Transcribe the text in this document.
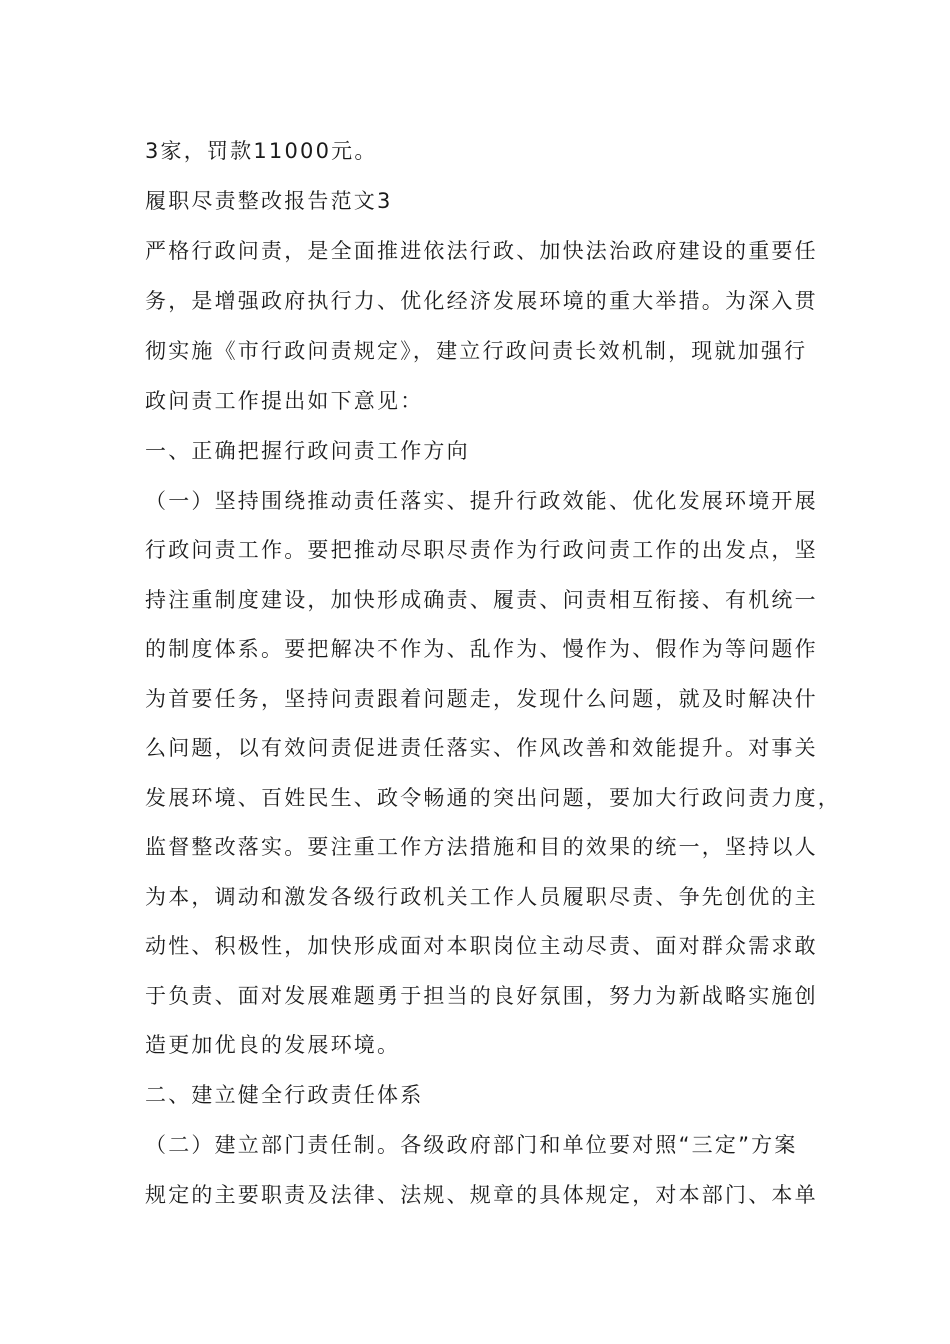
3家，罚款11000元。
履职尽责整改报告范文3
严格行政问责，是全面推进依法行政、加快法治政府建设的重要任
务，是增强政府执行力、优化经济发展环境的重大举措。为深入贯
彻实施《市行政问责规定》，建立行政问责长效机制，现就加强行
政问责工作提出如下意见：
一、正确把握行政问责工作方向
（一）坚持围绕推动责任落实、提升行政效能、优化发展环境开展
行政问责工作。要把推动尽职尽责作为行政问责工作的出发点，坚
持注重制度建设，加快形成确责、履责、问责相互衔接、有机统一
的制度体系。要把解决不作为、乱作为、慢作为、假作为等问题作
为首要任务，坚持问责跟着问题走，发现什么问题，就及时解决什
么问题，以有效问责促进责任落实、作风改善和效能提升。对事关
发展环境、百姓民生、政令畅通的突出问题，要加大行政问责力度，
监督整改落实。要注重工作方法措施和目的效果的统一，坚持以人
为本，调动和激发各级行政机关工作人员履职尽责、争先创优的主
动性、积极性，加快形成面对本职岗位主动尽责、面对群众需求敢
于负责、面对发展难题勇于担当的良好氛围，努力为新战略实施创
造更加优良的发展环境。
二、建立健全行政责任体系
（二）建立部门责任制。各级政府部门和单位要对照“三定”方案
规定的主要职责及法律、法规、规章的具体规定，对本部门、本单
